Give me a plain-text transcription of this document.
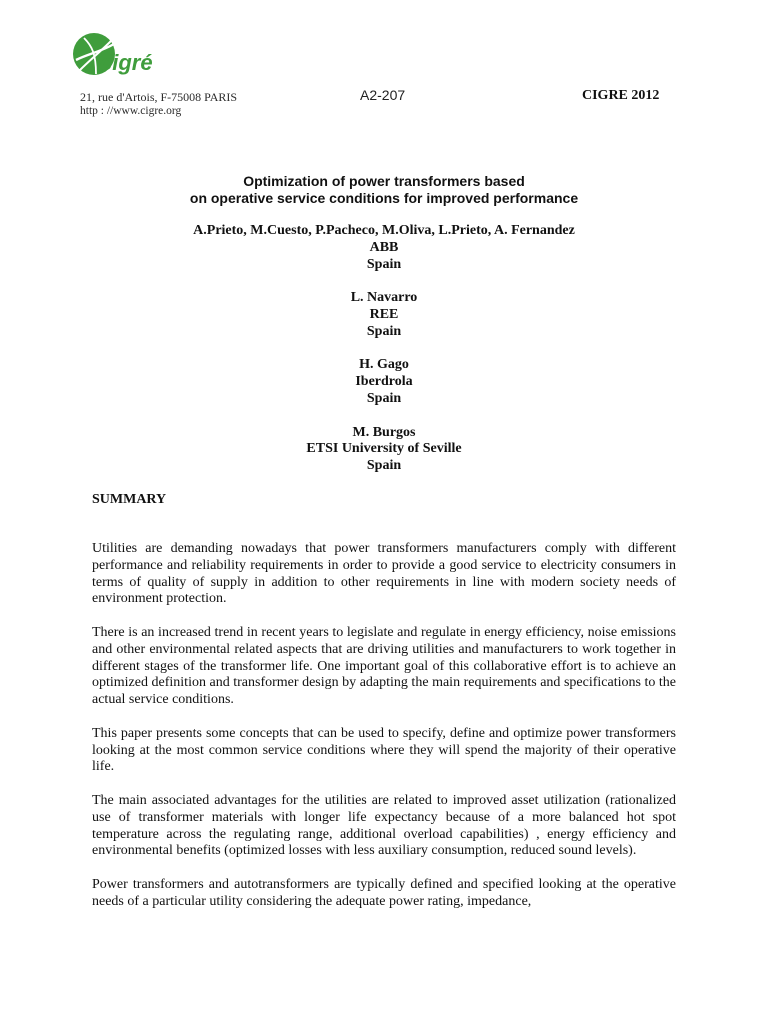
cigré
21, rue d'Artois, F-75008 PARIS
http : //www.cigre.org
A2-207	CIGRE 2012
Optimization of power transformers based
on operative service conditions for improved performance
A.Prieto, M.Cuesto, P.Pacheco, M.Oliva, L.Prieto, A. Fernandez
ABB
Spain
L. Navarro
REE
Spain
H. Gago
Iberdrola
Spain
M. Burgos
ETSI University of Seville
Spain
SUMMARY

Utilities are demanding nowadays that power transformers manufacturers comply with different performance and reliability requirements in order to provide a good service to electricity consumers in terms of quality of supply in addition to other requirements in line with modern society needs of environment protection.

There is an increased trend in recent years to legislate and regulate in energy efficiency, noise emissions and other environmental related aspects that are driving utilities and manufacturers to work together in different stages of the transformer life. One important goal of this collaborative effort is to achieve an optimized definition and transformer design by adapting the main requirements and specifications to the actual service conditions.

This paper presents some concepts that can be used to specify, define and optimize power transformers looking at the most common service conditions where they will spend the majority of their operative life.

The main associated advantages for the utilities are related to improved asset utilization (rationalized use of transformer materials with longer life expectancy because of a more balanced hot spot temperature across the regulating range, additional overload capabilities) , energy efficiency and environmental benefits (optimized losses with less auxiliary consumption, reduced sound levels).

Power transformers and autotransformers are typically defined and specified looking at the operative needs of a particular utility considering the adequate power rating, impedance,
